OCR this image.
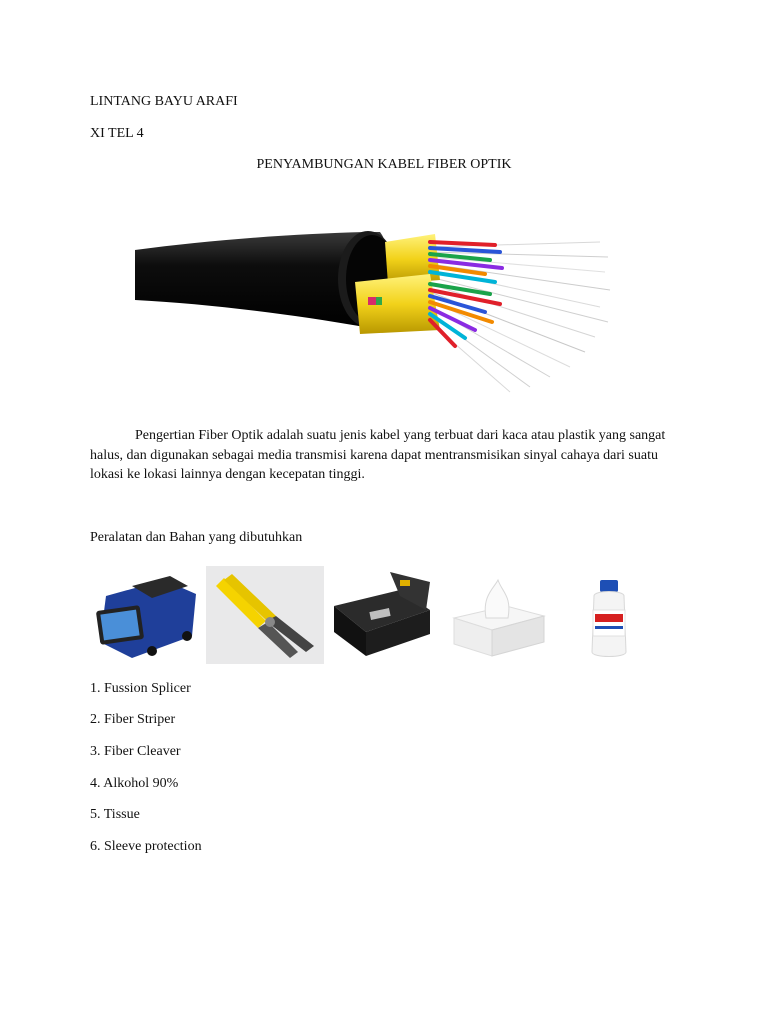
LINTANG BAYU ARAFI
XI TEL 4
PENYAMBUNGAN KABEL FIBER OPTIK
Pengertian Fiber Optik adalah suatu jenis kabel yang terbuat dari kaca atau plastik yang sangat halus, dan digunakan sebagai media transmisi karena dapat mentransmisikan sinyal cahaya dari suatu lokasi ke lokasi lainnya dengan kecepatan tinggi.
Peralatan dan Bahan yang dibutuhkan
1. Fussion Splicer
2. Fiber Striper
3. Fiber Cleaver
4. Alkohol 90%
5. Tissue
6. Sleeve protection
